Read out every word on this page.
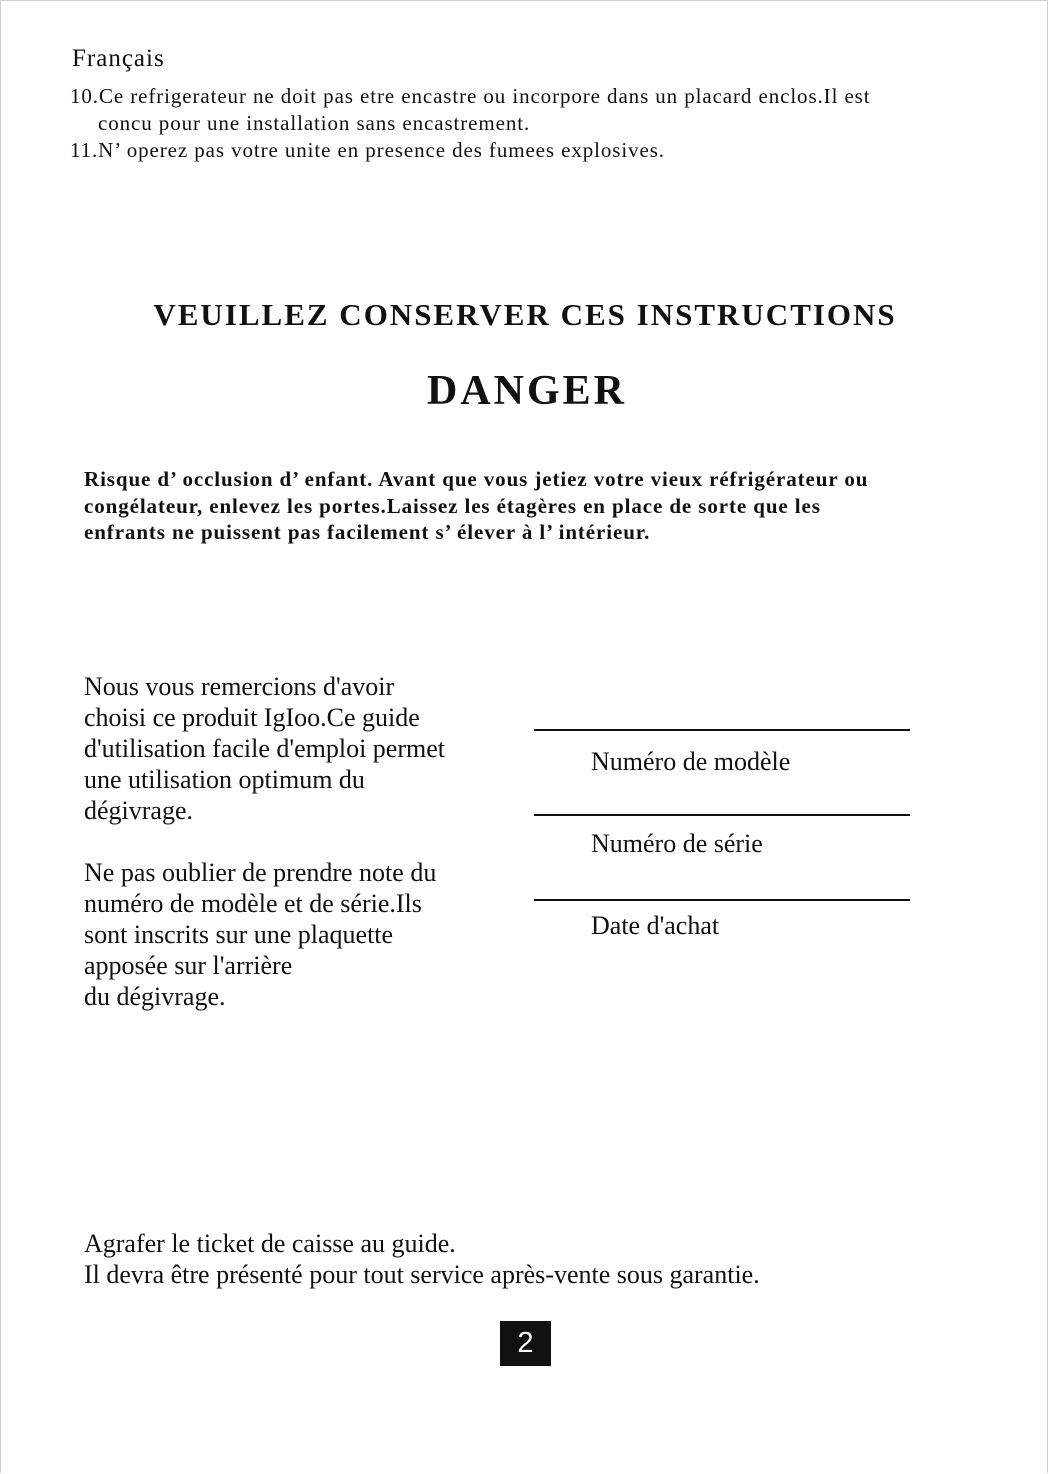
Français

10.Ce refrigerateur ne doit pas etre encastre ou incorpore dans un placard enclos.Il est

concu pour une installation sans encastrement.

11.N’ operez pas votre unite en presence des fumees explosives.

VEUILLEZ CONSERVER CES INSTRUCTIONS
DANGER
Risque d’ occlusion d’ enfant. Avant que vous jetiez votre vieux réfrigérateur ou
congélateur, enlevez les portes.Laissez les étagères en place de sorte que les
enfrants ne puissent pas facilement s’ élever à l’ intérieur.
Nous vous remercions d'avoir
choisi ce produit IgIoo.Ce guide
d'utilisation facile d'emploi permet
une utilisation optimum du
dégivrage.
Ne pas oublier de prendre note du
numéro de modèle et de série.Ils
sont inscrits sur une plaquette
apposée sur l'arrière
du dégivrage.

Numéro de modèle

Numéro de série

Date d'achat

Agrafer le ticket de caisse au guide.
Il devra être présenté pour tout service après-vente sous garantie.
2
